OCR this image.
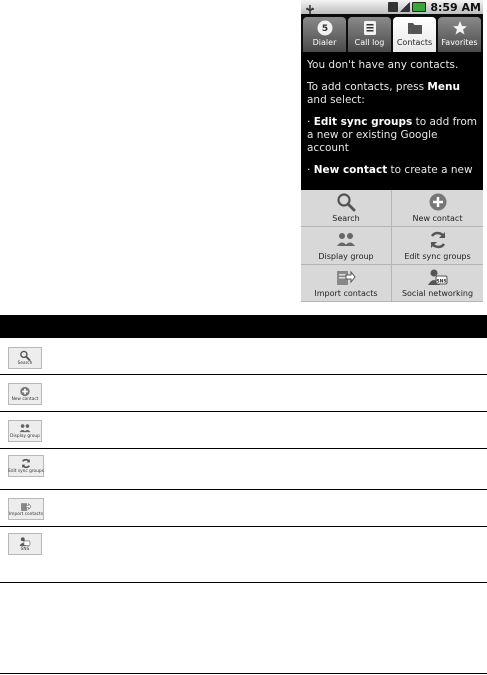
8:59 AM
5
Dialer Call log Contacts Favorites

You don't have any contacts.

To add contacts, press Menu and select:

· Edit sync groups to add from a new or existing Google account

· New contact to create a new

Search	New contact
Display group	Edit sync groups
Import contacts
SNS
Social networking
Search
New contact
Display group
Edit sync groups
Import contacts
SNS
